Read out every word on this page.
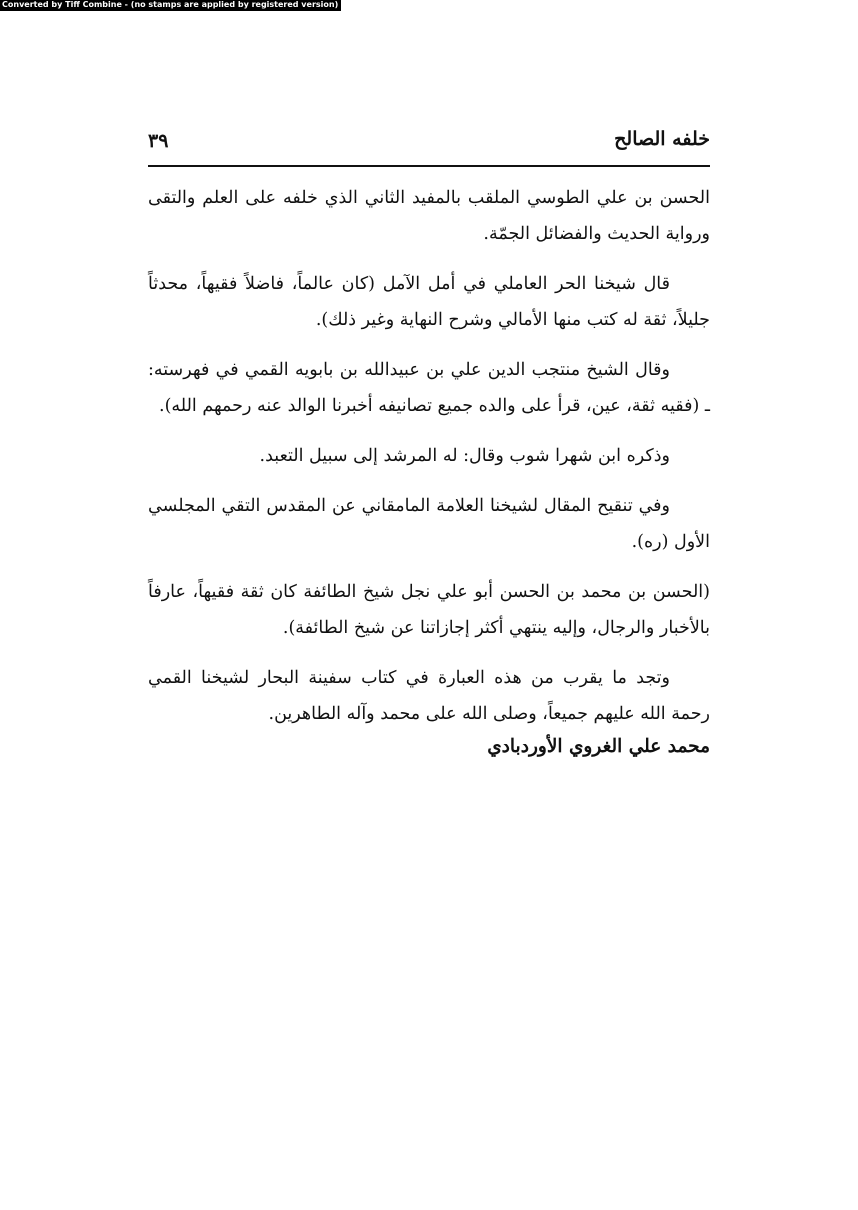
Converted by Tiff Combine - (no stamps are applied by registered version)
٣٩	خلفه الصالح

الحسن بن علي الطوسي الملقب بالمفيد الثاني الذي خلفه على العلم والتقى ورواية الحديث والفضائل الجمّة.

قال شيخنا الحر العاملي في أمل الآمل (كان عالماً، فاضلاً فقيهاً، محدثاً جليلاً، ثقة له كتب منها الأمالي وشرح النهاية وغير ذلك).

وقال الشيخ منتجب الدين علي بن عبيدالله بن بابويه القمي في فهرسته: ـ (فقيه ثقة، عين، قرأ على والده جميع تصانيفه أخبرنا الوالد عنه رحمهم الله).

وذكره ابن شهرا شوب وقال: له المرشد إلى سبيل التعبد.

وفي تنقيح المقال لشيخنا العلامة المامقاني عن المقدس التقي المجلسي الأول (ره).

(الحسن بن محمد بن الحسن أبو علي نجل شيخ الطائفة كان ثقة فقيهاً، عارفاً بالأخبار والرجال، وإليه ينتهي أكثر إجازاتنا عن شيخ الطائفة).

وتجد ما يقرب من هذه العبارة في كتاب سفينة البحار لشيخنا القمي رحمة الله عليهم جميعاً، وصلى الله على محمد وآله الطاهرين.

محمد علي الغروي الأوردبادي
